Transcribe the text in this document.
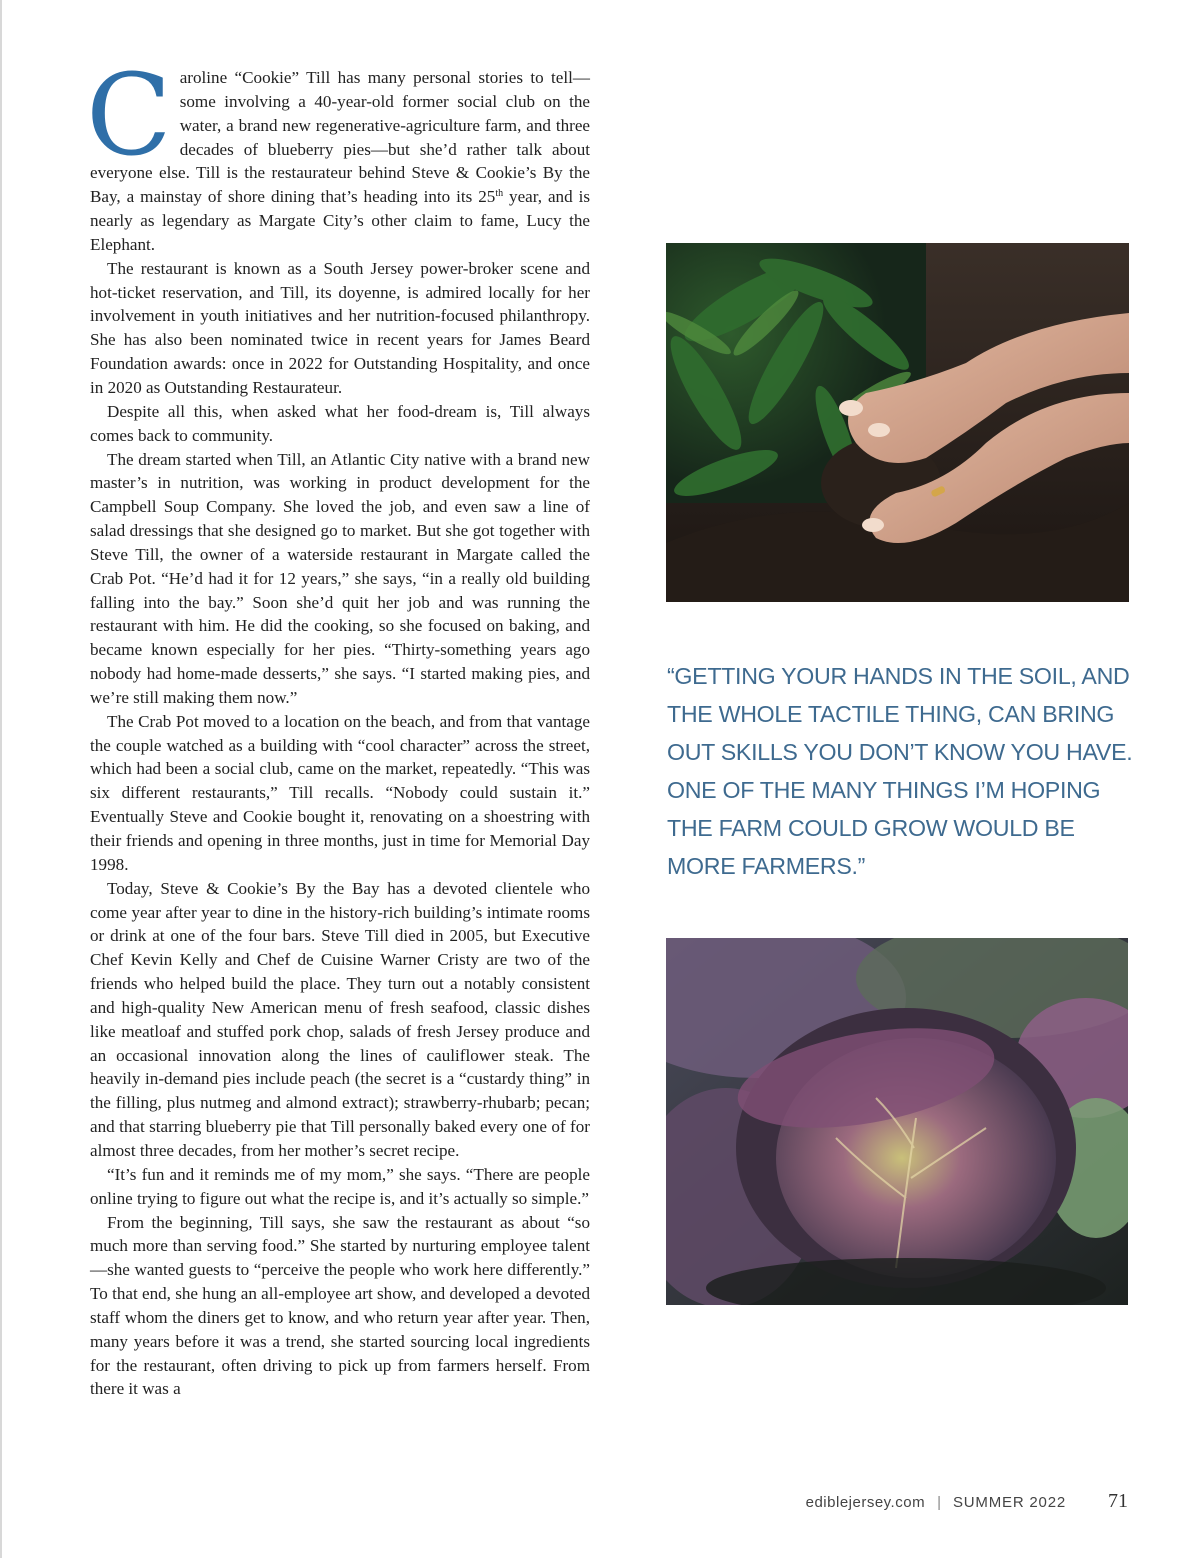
Caroline “Cookie” Till has many personal stories to tell—some involving a 40-year-old former social club on the water, a brand new regenerative-agriculture farm, and three decades of blueberry pies—but she’d rather talk about everyone else. Till is the restaurateur behind Steve & Cookie’s By the Bay, a mainstay of shore dining that’s heading into its 25th year, and is nearly as legendary as Margate City’s other claim to fame, Lucy the Elephant.

The restaurant is known as a South Jersey power-broker scene and hot-ticket reservation, and Till, its doyenne, is admired locally for her involvement in youth initiatives and her nutrition-focused philanthropy. She has also been nominated twice in recent years for James Beard Foundation awards: once in 2022 for Outstanding Hospitality, and once in 2020 as Outstanding Restaurateur.

Despite all this, when asked what her food-dream is, Till always comes back to community.

The dream started when Till, an Atlantic City native with a brand new master’s in nutrition, was working in product development for the Campbell Soup Company. She loved the job, and even saw a line of salad dressings that she designed go to market. But she got together with Steve Till, the owner of a waterside restaurant in Margate called the Crab Pot. “He’d had it for 12 years,” she says, “in a really old building falling into the bay.” Soon she’d quit her job and was running the restaurant with him. He did the cooking, so she focused on baking, and became known especially for her pies. “Thirty-something years ago nobody had home-made desserts,” she says. “I started making pies, and we’re still making them now.”

The Crab Pot moved to a location on the beach, and from that vantage the couple watched as a building with “cool character” across the street, which had been a social club, came on the market, repeatedly. “This was six different restaurants,” Till recalls. “Nobody could sustain it.” Eventually Steve and Cookie bought it, renovating on a shoestring with their friends and opening in three months, just in time for Memorial Day 1998.

Today, Steve & Cookie’s By the Bay has a devoted clientele who come year after year to dine in the history-rich building’s intimate rooms or drink at one of the four bars. Steve Till died in 2005, but Executive Chef Kevin Kelly and Chef de Cuisine Warner Cristy are two of the friends who helped build the place. They turn out a notably consistent and high-quality New American menu of fresh seafood, classic dishes like meatloaf and stuffed pork chop, salads of fresh Jersey produce and an occasional innovation along the lines of cauliflower steak. The heavily in-demand pies include peach (the secret is a “custardy thing” in the filling, plus nutmeg and almond extract); strawberry-rhubarb; pecan; and that starring blueberry pie that Till personally baked every one of for almost three decades, from her mother’s secret recipe.

“It’s fun and it reminds me of my mom,” she says. “There are people online trying to figure out what the recipe is, and it’s actually so simple.”

From the beginning, Till says, she saw the restaurant as about “so much more than serving food.” She started by nurturing employee talent—she wanted guests to “perceive the people who work here differently.” To that end, she hung an all-employee art show, and developed a devoted staff whom the diners get to know, and who return year after year. Then, many years before it was a trend, she started sourcing local ingredients for the restaurant, often driving to pick up from farmers herself. From there it was a

“GETTING YOUR HANDS IN THE SOIL, AND THE WHOLE TACTILE THING, CAN BRING OUT SKILLS YOU DON’T KNOW YOU HAVE. ONE OF THE MANY THINGS I’M HOPING THE FARM COULD GROW WOULD BE MORE FARMERS.”
ediblejersey.com | SUMMER 2022 71
